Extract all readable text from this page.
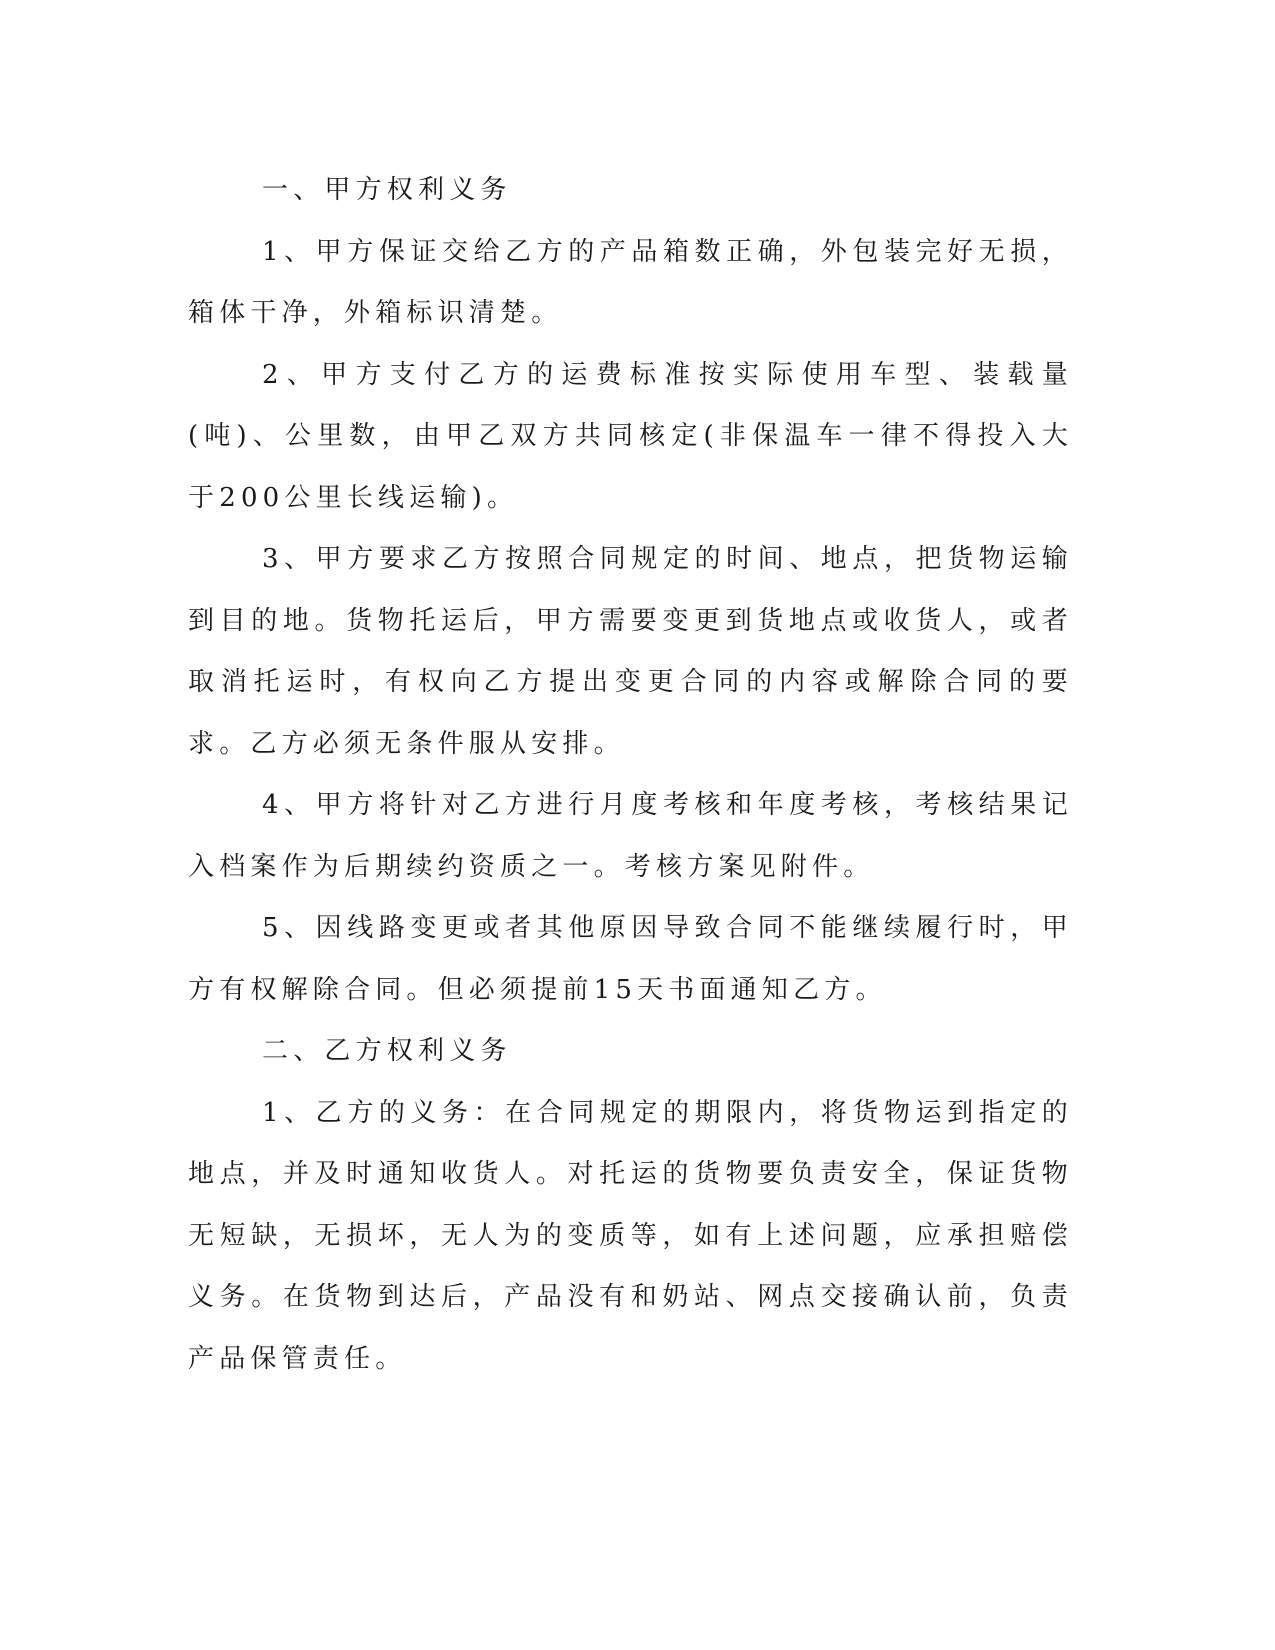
一、甲方权利义务

1、甲方保证交给乙方的产品箱数正确，外包装完好无损，箱体干净，外箱标识清楚。

2、甲方支付乙方的运费标准按实际使用车型、装载量(吨)、公里数，由甲乙双方共同核定(非保温车一律不得投入大于200公里长线运输)。

3、甲方要求乙方按照合同规定的时间、地点，把货物运输到目的地。货物托运后，甲方需要变更到货地点或收货人，或者取消托运时，有权向乙方提出变更合同的内容或解除合同的要求。乙方必须无条件服从安排。

4、甲方将针对乙方进行月度考核和年度考核，考核结果记入档案作为后期续约资质之一。考核方案见附件。

5、因线路变更或者其他原因导致合同不能继续履行时，甲方有权解除合同。但必须提前15天书面通知乙方。

二、乙方权利义务

1、乙方的义务：在合同规定的期限内，将货物运到指定的地点，并及时通知收货人。对托运的货物要负责安全，保证货物无短缺，无损坏，无人为的变质等，如有上述问题，应承担赔偿义务。在货物到达后，产品没有和奶站、网点交接确认前，负责产品保管责任。
